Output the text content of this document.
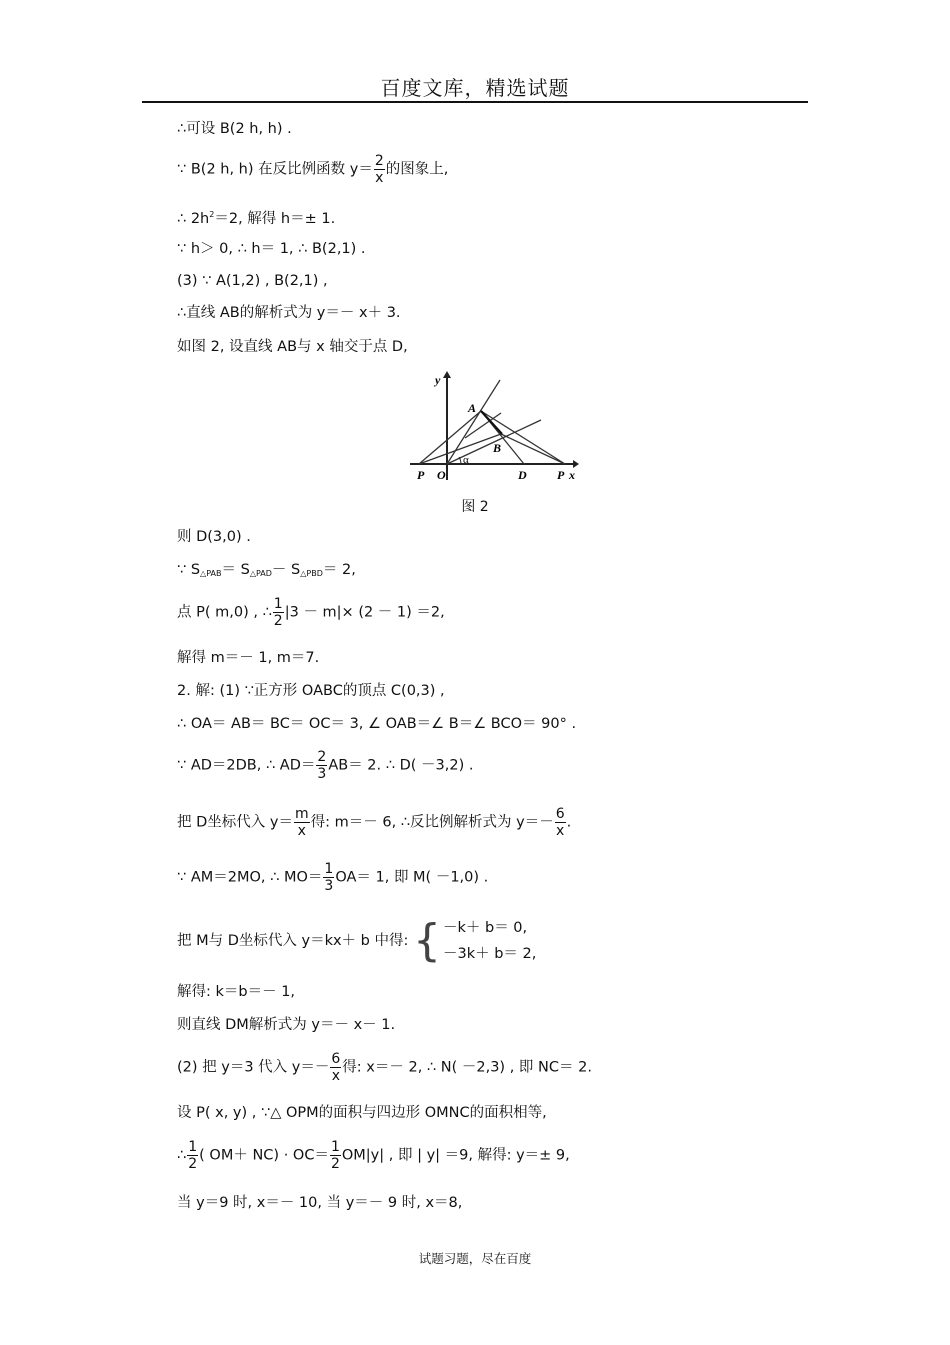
百度文库，精选试题
∴可设 B(2 h, h) .
∵ B(2 h, h) 在反比例函数 $y= \frac{2}{x}$ 的图象上,
∴ $2h^2=2$, 解得 h＝± 1.
∵ h＞ 0, ∴ h＝ 1, ∴ B(2,1) .
(3) ∵ A(1,2) , B(2,1) ,
∴直线 AB的解析式为 y＝－ x＋ 3.
如图 2, 设直线 AB与 x 轴交于点 D,
y
x
A
B
P O	D	P
α
图 2
则 D(3,0) .
∵ $S_{\triangle PAB}= S_{\triangle PAD}- S_{\triangle PBD}= 2$,
点 P( m,0) , ∴ $\frac{1}{2} |3 - m|\times (2 - 1) =2$,
解得 m＝－ 1, m＝7.
2. 解: (1) ∵正方形 OABC的顶点 C(0,3) ,
∴ OA＝ AB＝ BC＝ OC＝ 3, ∠ OAB＝∠ B＝∠ BCO＝ 90° .
∵ AD＝2DB, ∴ $AD= \frac{2}{3} AB= 2$. ∴ D( －3,2) .
把 D坐标代入 $y= \frac{m}{x}$ 得: m＝－ 6, ∴反比例解析式为 $y=- \frac{6}{x}$ .
∵ AM＝2MO, ∴ $MO= \frac{1}{3} OA= 1$, 即 M( －1,0) .
把 M与 D坐标代入 y＝kx＋ b 中得: { －k＋ b＝ 0,
－3k＋ b＝ 2,
解得: k＝b＝－ 1,
则直线 DM解析式为 y＝－ x－ 1.
(2) 把 y＝3 代入 $y=- \frac{6}{x}$ 得: x＝－ 2, ∴ N( －2,3) , 即 NC＝ 2.
设 P( x, y) , ∵△ OPM的面积与四边形 OMNC的面积相等,
∴ $\frac{1}{2}$ ( $OM+ NC) \cdot OC= \frac{1}{2} OM|y|$ , 即 | y| ＝9, 解得: y＝± 9,
当 y＝9 时, x＝－ 10, 当 y＝－ 9 时, x＝8,
试题习题，尽在百度
